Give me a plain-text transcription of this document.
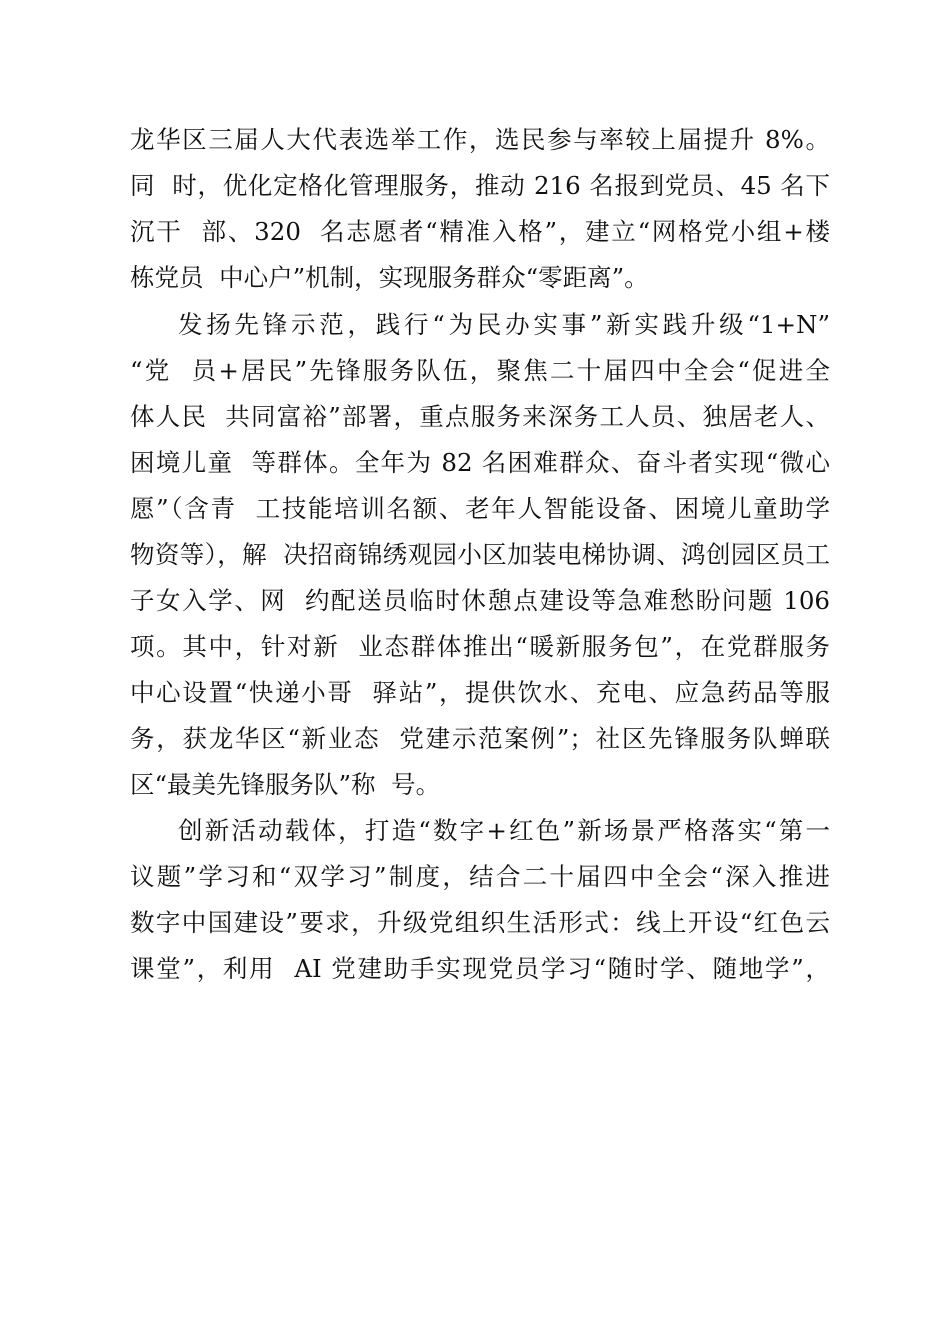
龙华区三届人大代表选举工作，选民参与率较上届提升 8%。
同  时，优化定格化管理服务，推动 216 名报到党员、45 名下
沉干  部、320  名志愿者“精准入格”，建立“网格党小组+楼
栋党员  中心户”机制，实现服务群众“零距离”。
发扬先锋示范，践行“为民办实事”新实践升级“1+N”
“党  员+居民”先锋服务队伍，聚焦二十届四中全会“促进全
体人民  共同富裕”部署，重点服务来深务工人员、独居老人、
困境儿童  等群体。全年为 82 名困难群众、奋斗者实现“微心
愿”（含青  工技能培训名额、老年人智能设备、困境儿童助学
物资等），解  决招商锦绣观园小区加装电梯协调、鸿创园区员工
子女入学、网  约配送员临时休憩点建设等急难愁盼问题 106
项。其中，针对新  业态群体推出“暖新服务包”，在党群服务
中心设置“快递小哥  驿站”，提供饮水、充电、应急药品等服
务，获龙华区“新业态  党建示范案例”；社区先锋服务队蝉联
区“最美先锋服务队”称  号。
创新活动载体，打造“数字+红色”新场景严格落实“第一
议题”学习和“双学习”制度，结合二十届四中全会“深入推进
数字中国建设”要求，升级党组织生活形式：线上开设“红色云
课堂”，利用  AI 党建助手实现党员学习“随时学、随地学”，
